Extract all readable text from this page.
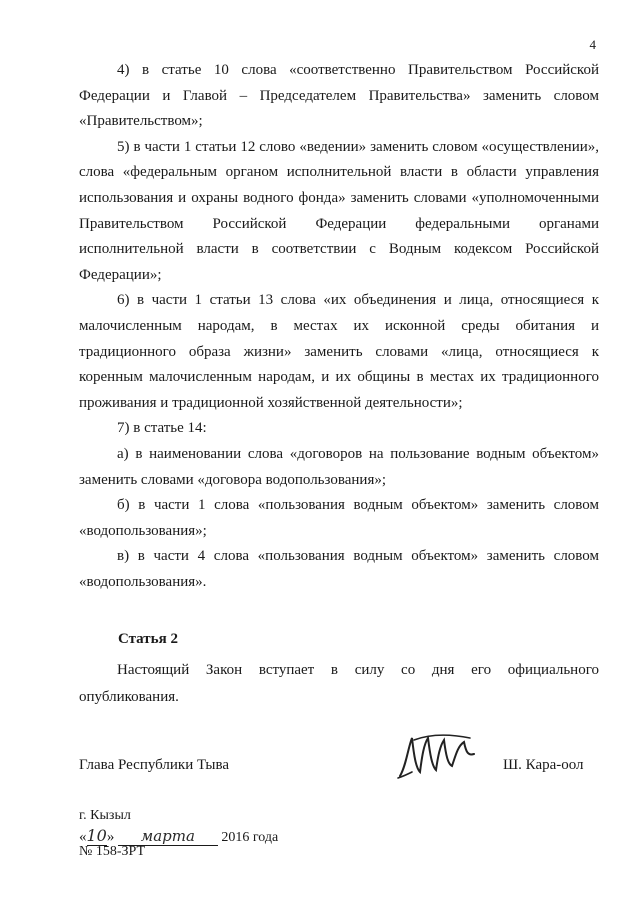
4

4) в статье 10 слова «соответственно Правительством Российской Федерации и Главой – Председателем Правительства» заменить словом «Правительством»;

5) в части 1 статьи 12 слово «ведении» заменить словом «осуществлении», слова «федеральным органом исполнительной власти в области управления использования и охраны водного фонда» заменить словами «уполномоченными Правительством Российской Федерации федеральными органами исполнительной власти в соответствии с Водным кодексом Российской Федерации»;

6) в части 1 статьи 13 слова «их объединения и лица, относящиеся к малочисленным народам, в местах их исконной среды обитания и традиционного образа жизни» заменить словами «лица, относящиеся к коренным малочисленным народам, и их общины в местах их традиционного проживания и традиционной хозяйственной деятельности»;

7) в статье 14:

а) в наименовании слова «договоров на пользование водным объектом» заменить словами «договора водопользования»;

б) в части 1 слова «пользования водным объектом» заменить словом «водопользования»;

в) в части 4 слова «пользования водным объектом» заменить словом «водопользования».

Статья 2

Настоящий Закон вступает в силу со дня его официального опубликования.

Глава Республики Тыва	Ш. Кара-оол
г. Кызыл
«10» марта 2016 года
№ 158-ЗРТ
